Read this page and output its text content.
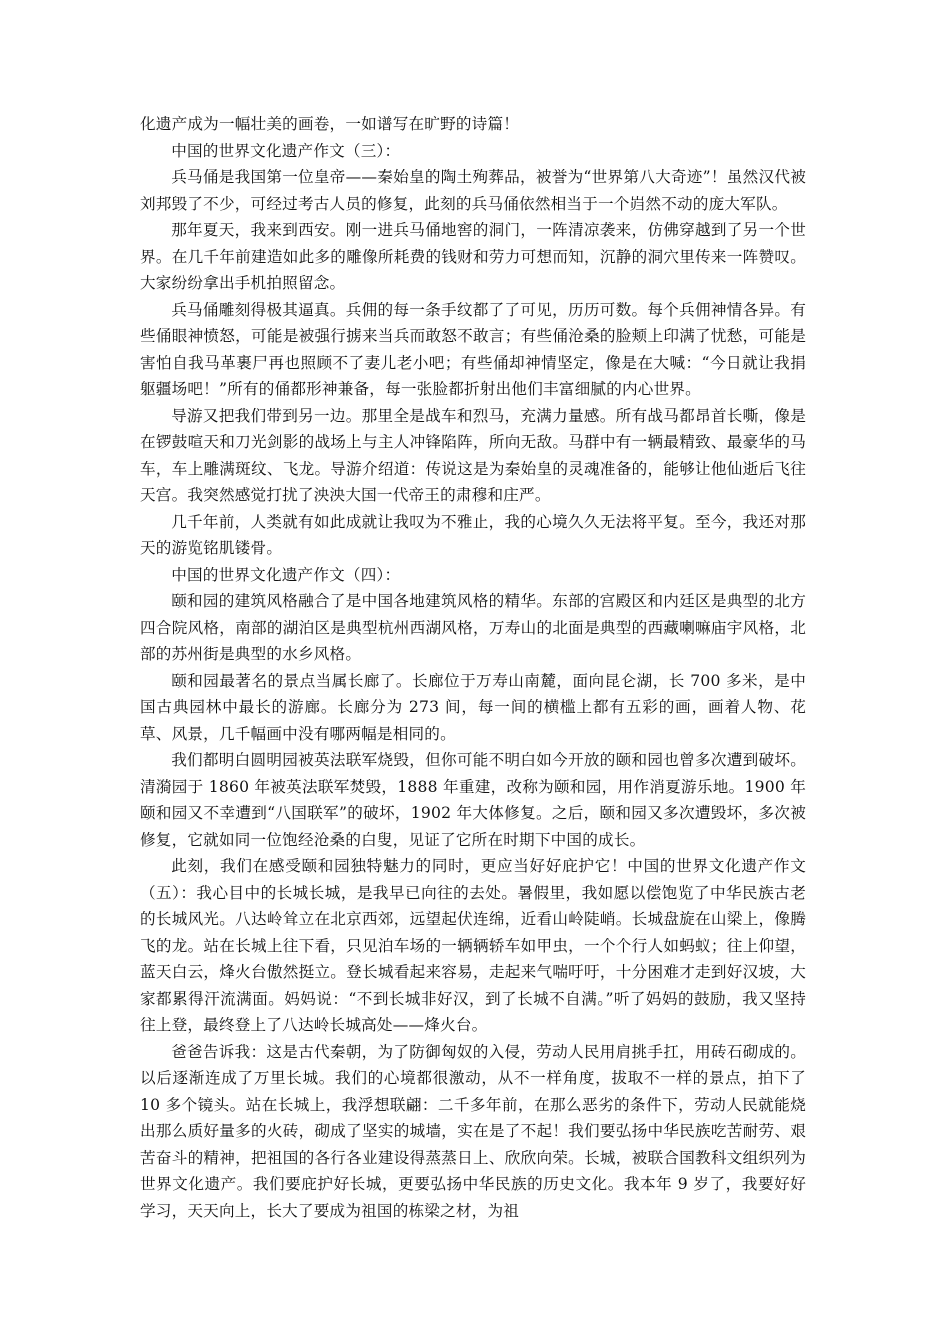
化遗产成为一幅壮美的画卷，一如谱写在旷野的诗篇！

中国的世界文化遗产作文（三）：

兵马俑是我国第一位皇帝——秦始皇的陶土殉葬品，被誉为“世界第八大奇迹”！虽然汉代被刘邦毁了不少，可经过考古人员的修复，此刻的兵马俑依然相当于一个岿然不动的庞大军队。

那年夏天，我来到西安。刚一进兵马俑地窖的洞门，一阵清凉袭来，仿佛穿越到了另一个世界。在几千年前建造如此多的雕像所耗费的钱财和劳力可想而知，沉静的洞穴里传来一阵赞叹。大家纷纷拿出手机拍照留念。

兵马俑雕刻得极其逼真。兵佣的每一条手纹都了了可见，历历可数。每个兵佣神情各异。有些俑眼神愤怒，可能是被强行掳来当兵而敢怒不敢言；有些俑沧桑的脸颊上印满了忧愁，可能是害怕自我马革裹尸再也照顾不了妻儿老小吧；有些俑却神情坚定，像是在大喊：“今日就让我捐躯疆场吧！”所有的俑都形神兼备，每一张脸都折射出他们丰富细腻的内心世界。

导游又把我们带到另一边。那里全是战车和烈马，充满力量感。所有战马都昂首长嘶，像是在锣鼓喧天和刀光剑影的战场上与主人冲锋陷阵，所向无敌。马群中有一辆最精致、最豪华的马车，车上雕满斑纹、飞龙。导游介绍道：传说这是为秦始皇的灵魂准备的，能够让他仙逝后飞往天宫。我突然感觉打扰了泱泱大国一代帝王的肃穆和庄严。

几千年前，人类就有如此成就让我叹为不雅止，我的心境久久无法将平复。至今，我还对那天的游览铭肌镂骨。

中国的世界文化遗产作文（四）：

颐和园的建筑风格融合了是中国各地建筑风格的精华。东部的宫殿区和内廷区是典型的北方四合院风格，南部的湖泊区是典型杭州西湖风格，万寿山的北面是典型的西藏喇嘛庙宇风格，北部的苏州街是典型的水乡风格。

颐和园最著名的景点当属长廊了。长廊位于万寿山南麓，面向昆仑湖，长 700 多米，是中国古典园林中最长的游廊。长廊分为 273 间，每一间的横槛上都有五彩的画，画着人物、花草、风景，几千幅画中没有哪两幅是相同的。

我们都明白圆明园被英法联军烧毁，但你可能不明白如今开放的颐和园也曾多次遭到破坏。清漪园于 1860 年被英法联军焚毁，1888 年重建，改称为颐和园，用作消夏游乐地。1900 年颐和园又不幸遭到“八国联军”的破坏，1902 年大体修复。之后，颐和园又多次遭毁坏，多次被修复，它就如同一位饱经沧桑的白叟，见证了它所在时期下中国的成长。

此刻，我们在感受颐和园独特魅力的同时，更应当好好庇护它！中国的世界文化遗产作文（五）：我心目中的长城长城，是我早已向往的去处。暑假里，我如愿以偿饱览了中华民族古老的长城风光。八达岭耸立在北京西郊，远望起伏连绵，近看山岭陡峭。长城盘旋在山梁上，像腾飞的龙。站在长城上往下看，只见泊车场的一辆辆轿车如甲虫，一个个行人如蚂蚁；往上仰望，蓝天白云，烽火台傲然挺立。登长城看起来容易，走起来气喘吁吁，十分困难才走到好汉坡，大家都累得汗流满面。妈妈说：“不到长城非好汉，到了长城不自满。”听了妈妈的鼓励，我又坚持往上登，最终登上了八达岭长城高处——烽火台。

爸爸告诉我：这是古代秦朝，为了防御匈奴的入侵，劳动人民用肩挑手扛，用砖石砌成的。以后逐渐连成了万里长城。我们的心境都很激动，从不一样角度，拔取不一样的景点，拍下了 10 多个镜头。站在长城上，我浮想联翩：二千多年前，在那么恶劣的条件下，劳动人民就能烧出那么质好量多的火砖，砌成了坚实的城墙，实在是了不起！我们要弘扬中华民族吃苦耐劳、艰苦奋斗的精神，把祖国的各行各业建设得蒸蒸日上、欣欣向荣。长城，被联合国教科文组织列为世界文化遗产。我们要庇护好长城，更要弘扬中华民族的历史文化。我本年 9 岁了，我要好好学习，天天向上，长大了要成为祖国的栋梁之材，为祖
